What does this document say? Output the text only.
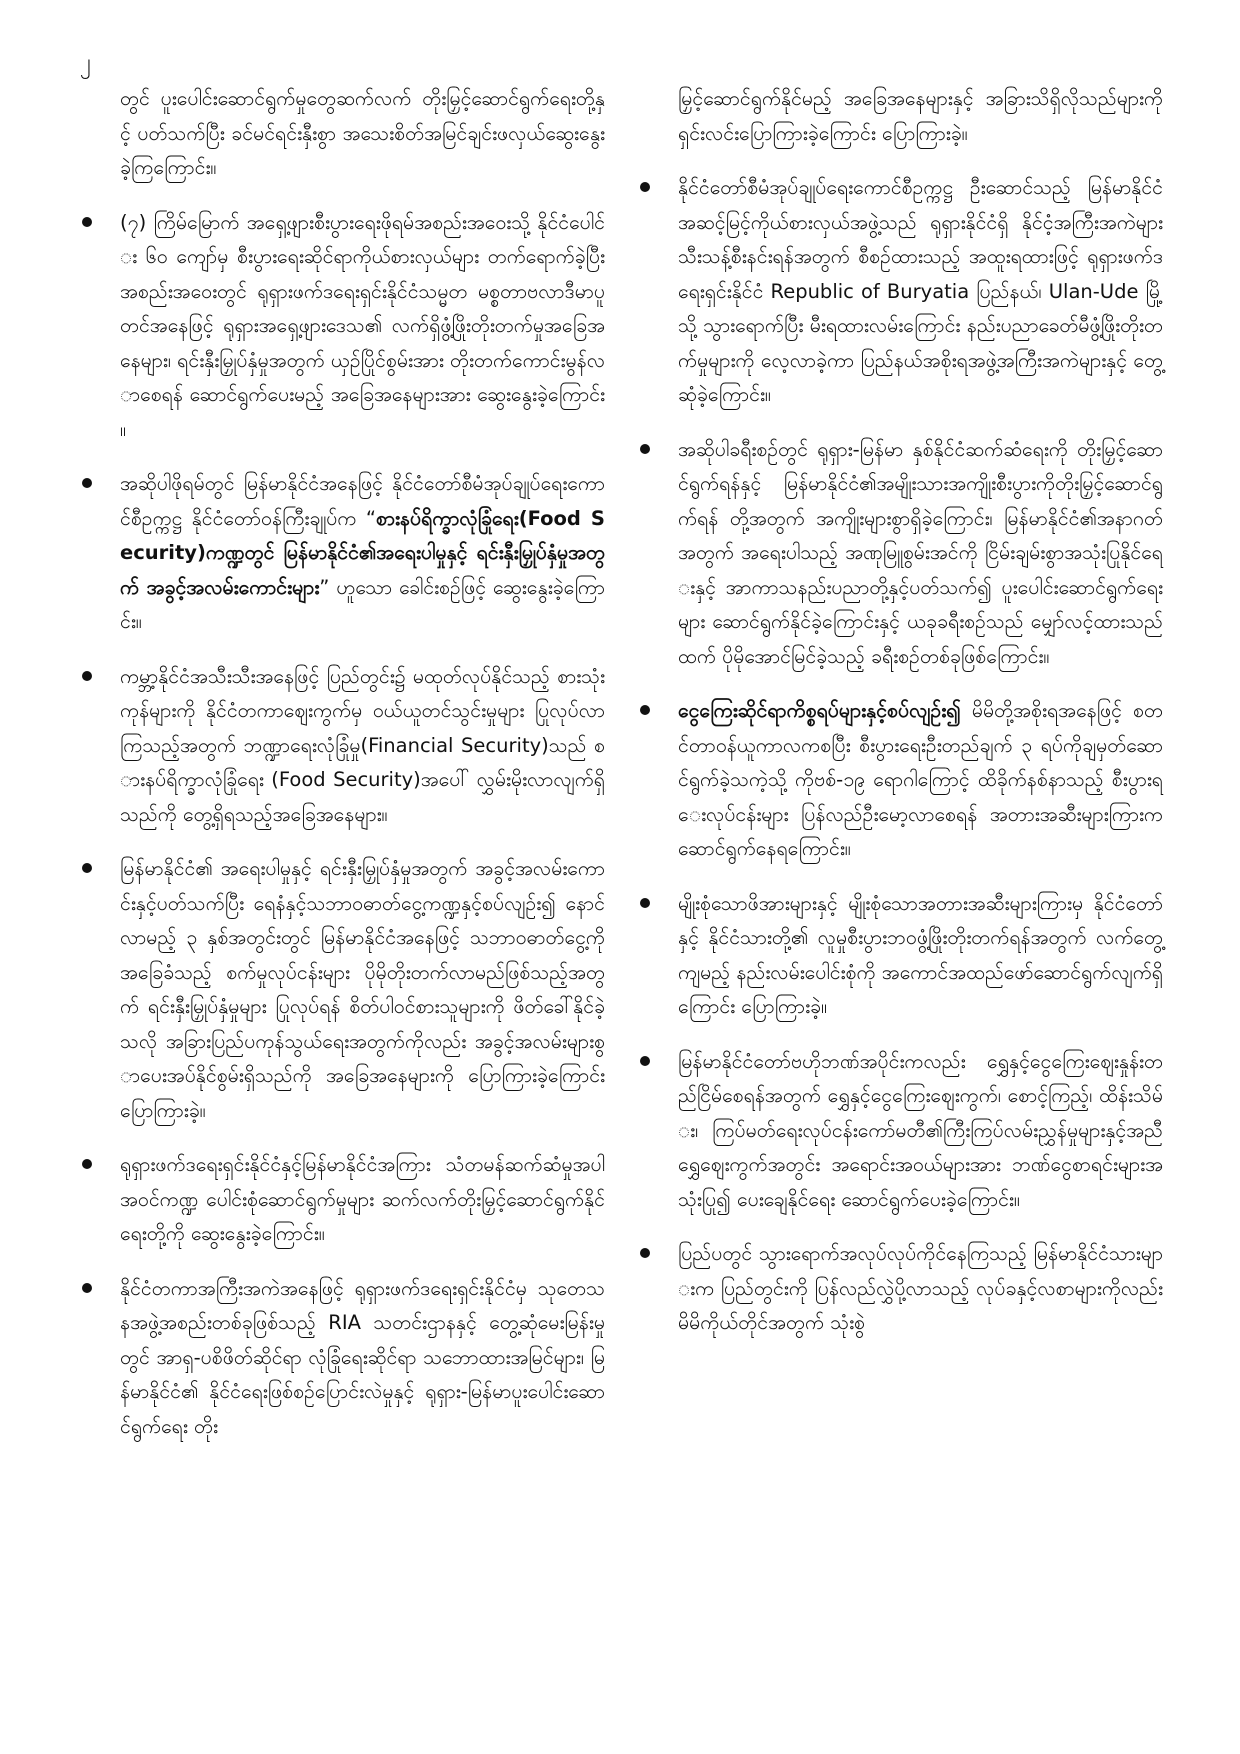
၂

တွင် ပူးပေါင်းဆောင်ရွက်မှုတွေဆက်လက် တိုးမြှင့်ဆောင်ရွက်ရေးတို့နှင့် ပတ်သက်ပြီး ခင်မင်ရင်းနှီးစွာ အသေးစိတ်အမြင်ချင်းဖလှယ်ဆွေးနွေးခဲ့ကြကြောင်း။

(၇) ကြိမ်မြောက် အရှေ့ဖျားစီးပွားရေးဖိုရမ်အစည်းအဝေးသို့ နိုင်ငံပေါင်း ၆၀ ကျော်မှ စီးပွားရေးဆိုင်ရာကိုယ်စားလှယ်များ တက်ရောက်ခဲ့ပြီး အစည်းအဝေးတွင် ရုရှားဖက်ဒရေးရှင်းနိုင်ငံသမ္မတ မစ္စတာဗလာဒီမာပူတင်အနေဖြင့် ရုရှားအရှေ့ဖျားဒေသ၏ လက်ရှိဖွံ့ဖြိုးတိုးတက်မှုအခြေအနေများ၊ ရင်းနှီးမြှုပ်နှံမှုအတွက် ယှဉ်ပြိုင်စွမ်းအား တိုးတက်ကောင်းမွန်လာစေရန် ဆောင်ရွက်ပေးမည့် အခြေအနေများအား ဆွေးနွေးခဲ့ကြောင်း။

အဆိုပါဖိုရမ်တွင် မြန်မာနိုင်ငံအနေဖြင့် နိုင်ငံတော်စီမံအုပ်ချုပ်ရေးကောင်စီဥက္ကဋ္ဌ နိုင်ငံတော်ဝန်ကြီးချုပ်က “စားနပ်ရိက္ခာလုံခြုံရေး(Food Security)ကဏ္ဍတွင် မြန်မာနိုင်ငံ၏အရေးပါမှုနှင့် ရင်းနှီးမြှုပ်နှံမှုအတွက် အခွင့်အလမ်းကောင်းများ” ဟူသော ခေါင်းစဉ်ဖြင့် ဆွေးနွေးခဲ့ကြောင်း။

ကမ္ဘာ့နိုင်ငံအသီးသီးအနေဖြင့် ပြည်တွင်း၌ မထုတ်လုပ်နိုင်သည့် စားသုံးကုန်များကို နိုင်ငံတကာဈေးကွက်မှ ဝယ်ယူတင်သွင်းမှုများ ပြုလုပ်လာကြသည့်အတွက် ဘဏ္ဍာရေးလုံခြုံမှု(Financial Security)သည် စားနပ်ရိက္ခာလုံခြုံရေး (Food Security)အပေါ် လွှမ်းမိုးလာလျက်ရှိသည်ကို တွေ့ရှိရသည့်အခြေအနေများ။

မြန်မာနိုင်ငံ၏ အရေးပါမှုနှင့် ရင်းနှီးမြှုပ်နှံမှုအတွက် အခွင့်အလမ်းကောင်းနှင့်ပတ်သက်ပြီး ရေနံနှင့်သဘာဝဓာတ်ငွေ့ကဏ္ဍနှင့်စပ်လျဉ်း၍ နောင်လာမည့် ၃ နှစ်အတွင်းတွင် မြန်မာနိုင်ငံအနေဖြင့် သဘာဝဓာတ်ငွေ့ကို အခြေခံသည့် စက်မှုလုပ်ငန်းများ ပိုမိုတိုးတက်လာမည်ဖြစ်သည့်အတွက် ရင်းနှီးမြှုပ်နှံမှုများ ပြုလုပ်ရန် စိတ်ပါဝင်စားသူများကို ဖိတ်ခေါ်နိုင်ခဲ့သလို အခြားပြည်ပကုန်သွယ်ရေးအတွက်ကိုလည်း အခွင့်အလမ်းများစွာပေးအပ်နိုင်စွမ်းရှိသည်ကို အခြေအနေများကို ပြောကြားခဲ့ကြောင်း ပြောကြားခဲ့။

ရုရှားဖက်ဒရေးရှင်းနိုင်ငံနှင့်မြန်မာနိုင်ငံအကြား သံတမန်ဆက်ဆံမှုအပါအဝင်ကဏ္ဍ ပေါင်းစုံဆောင်ရွက်မှုများ ဆက်လက်တိုးမြှင့်ဆောင်ရွက်နိုင်ရေးတို့ကို ဆွေးနွေးခဲ့ကြောင်း။

နိုင်ငံတကာအကြီးအကဲအနေဖြင့် ရုရှားဖက်ဒရေးရှင်းနိုင်ငံမှ သုတေသနအဖွဲ့အစည်းတစ်ခုဖြစ်သည့် RIA သတင်းဌာနနှင့် တွေ့ဆုံမေးမြန်းမှုတွင် အာရှ-ပစိဖိတ်ဆိုင်ရာ လုံခြုံရေးဆိုင်ရာ သဘောထားအမြင်များ၊ မြန်မာနိုင်ငံ၏ နိုင်ငံရေးဖြစ်စဉ်ပြောင်းလဲမှုနှင့် ရုရှား-မြန်မာပူးပေါင်းဆောင်ရွက်ရေး တိုး

မြှင့်ဆောင်ရွက်နိုင်မည့် အခြေအနေများနှင့် အခြားသိရှိလိုသည်များကို ရှင်းလင်းပြောကြားခဲ့ကြောင်း ပြောကြားခဲ့။

နိုင်ငံတော်စီမံအုပ်ချုပ်ရေးကောင်စီဥက္ကဋ္ဌ ဦးဆောင်သည့် မြန်မာနိုင်ငံ အဆင့်မြင့်ကိုယ်စားလှယ်အဖွဲ့သည် ရုရှားနိုင်ငံရှိ နိုင်ငံ့အကြီးအကဲများ သီးသန့်စီးနင်းရန်အတွက် စီစဉ်ထားသည့် အထူးရထားဖြင့် ရုရှားဖက်ဒရေးရှင်းနိုင်ငံ Republic of Buryatia ပြည်နယ်၊ Ulan-Ude မြို့သို့ သွားရောက်ပြီး မီးရထားလမ်းကြောင်း နည်းပညာခေတ်မီဖွံ့ဖြိုးတိုးတက်မှုများကို လေ့လာခဲ့ကာ ပြည်နယ်အစိုးရအဖွဲ့အကြီးအကဲများနှင့် တွေ့ဆုံခဲ့ကြောင်း။

အဆိုပါခရီးစဉ်တွင် ရုရှား-မြန်မာ နှစ်နိုင်ငံဆက်ဆံရေးကို တိုးမြှင့်ဆောင်ရွက်ရန်နှင့် မြန်မာနိုင်ငံ၏အမျိုးသားအကျိုးစီးပွားကိုတိုးမြှင့်ဆောင်ရွက်ရန် တို့အတွက် အကျိုးများစွာရှိခဲ့ကြောင်း၊ မြန်မာနိုင်ငံ၏အနာဂတ်အတွက် အရေးပါသည့် အဏုမြူစွမ်းအင်ကို ငြိမ်းချမ်းစွာအသုံးပြုနိုင်ရေးနှင့် အာကာသနည်းပညာတို့နှင့်ပတ်သက်၍ ပူးပေါင်းဆောင်ရွက်ရေးများ ဆောင်ရွက်နိုင်ခဲ့ကြောင်းနှင့် ယခုခရီးစဉ်သည် မျှော်လင့်ထားသည်ထက် ပိုမိုအောင်မြင်ခဲ့သည့် ခရီးစဉ်တစ်ခုဖြစ်ကြောင်း။

ငွေကြေးဆိုင်ရာကိစ္စရပ်များနှင့်စပ်လျဉ်း၍ မိမိတို့အစိုးရအနေဖြင့် စတင်တာဝန်ယူကာလကစပြီး စီးပွားရေးဦးတည်ချက် ၃ ရပ်ကိုချမှတ်ဆောင်ရွက်ခဲ့သကဲ့သို့ ကိုဗစ်-၁၉ ရောဂါကြောင့် ထိခိုက်နစ်နာသည့် စီးပွားရေးလုပ်ငန်းများ ပြန်လည်ဦးမော့လာစေရန် အတားအဆီးများကြားက ဆောင်ရွက်နေရကြောင်း။

မျိုးစုံသောဖိအားများနှင့် မျိုးစုံသောအတားအဆီးများကြားမှ နိုင်ငံတော်နှင့် နိုင်ငံသားတို့၏ လူမှုစီးပွားဘဝဖွံ့ဖြိုးတိုးတက်ရန်အတွက် လက်တွေ့ကျမည့် နည်းလမ်းပေါင်းစုံကို အကောင်အထည်ဖော်ဆောင်ရွက်လျက်ရှိကြောင်း ပြောကြားခဲ့။

မြန်မာနိုင်ငံတော်ဗဟိုဘဏ်အပိုင်းကလည်း ရွှေနှင့်ငွေကြေးဈေးနှုန်းတည်ငြိမ်စေရန်အတွက် ရွှေနှင့်ငွေကြေးဈေးကွက်၊ စောင့်ကြည့်၊ ထိန်းသိမ်း၊ ကြပ်မတ်ရေးလုပ်ငန်းကော်မတီ၏ကြီးကြပ်လမ်းညွှန်မှုများနှင့်အညီ ရွှေဈေးကွက်အတွင်း အရောင်းအဝယ်များအား ဘဏ်ငွေစာရင်းများအသုံးပြု၍ ပေးချေနိုင်ရေး ဆောင်ရွက်ပေးခဲ့ကြောင်း။

ပြည်ပတွင် သွားရောက်အလုပ်လုပ်ကိုင်နေကြသည့် မြန်မာနိုင်ငံသားများက ပြည်တွင်းကို ပြန်လည်လွှဲပို့လာသည့် လုပ်ခနှင့်လစာများကိုလည်း မိမိကိုယ်တိုင်အတွက် သုံးစွဲ
